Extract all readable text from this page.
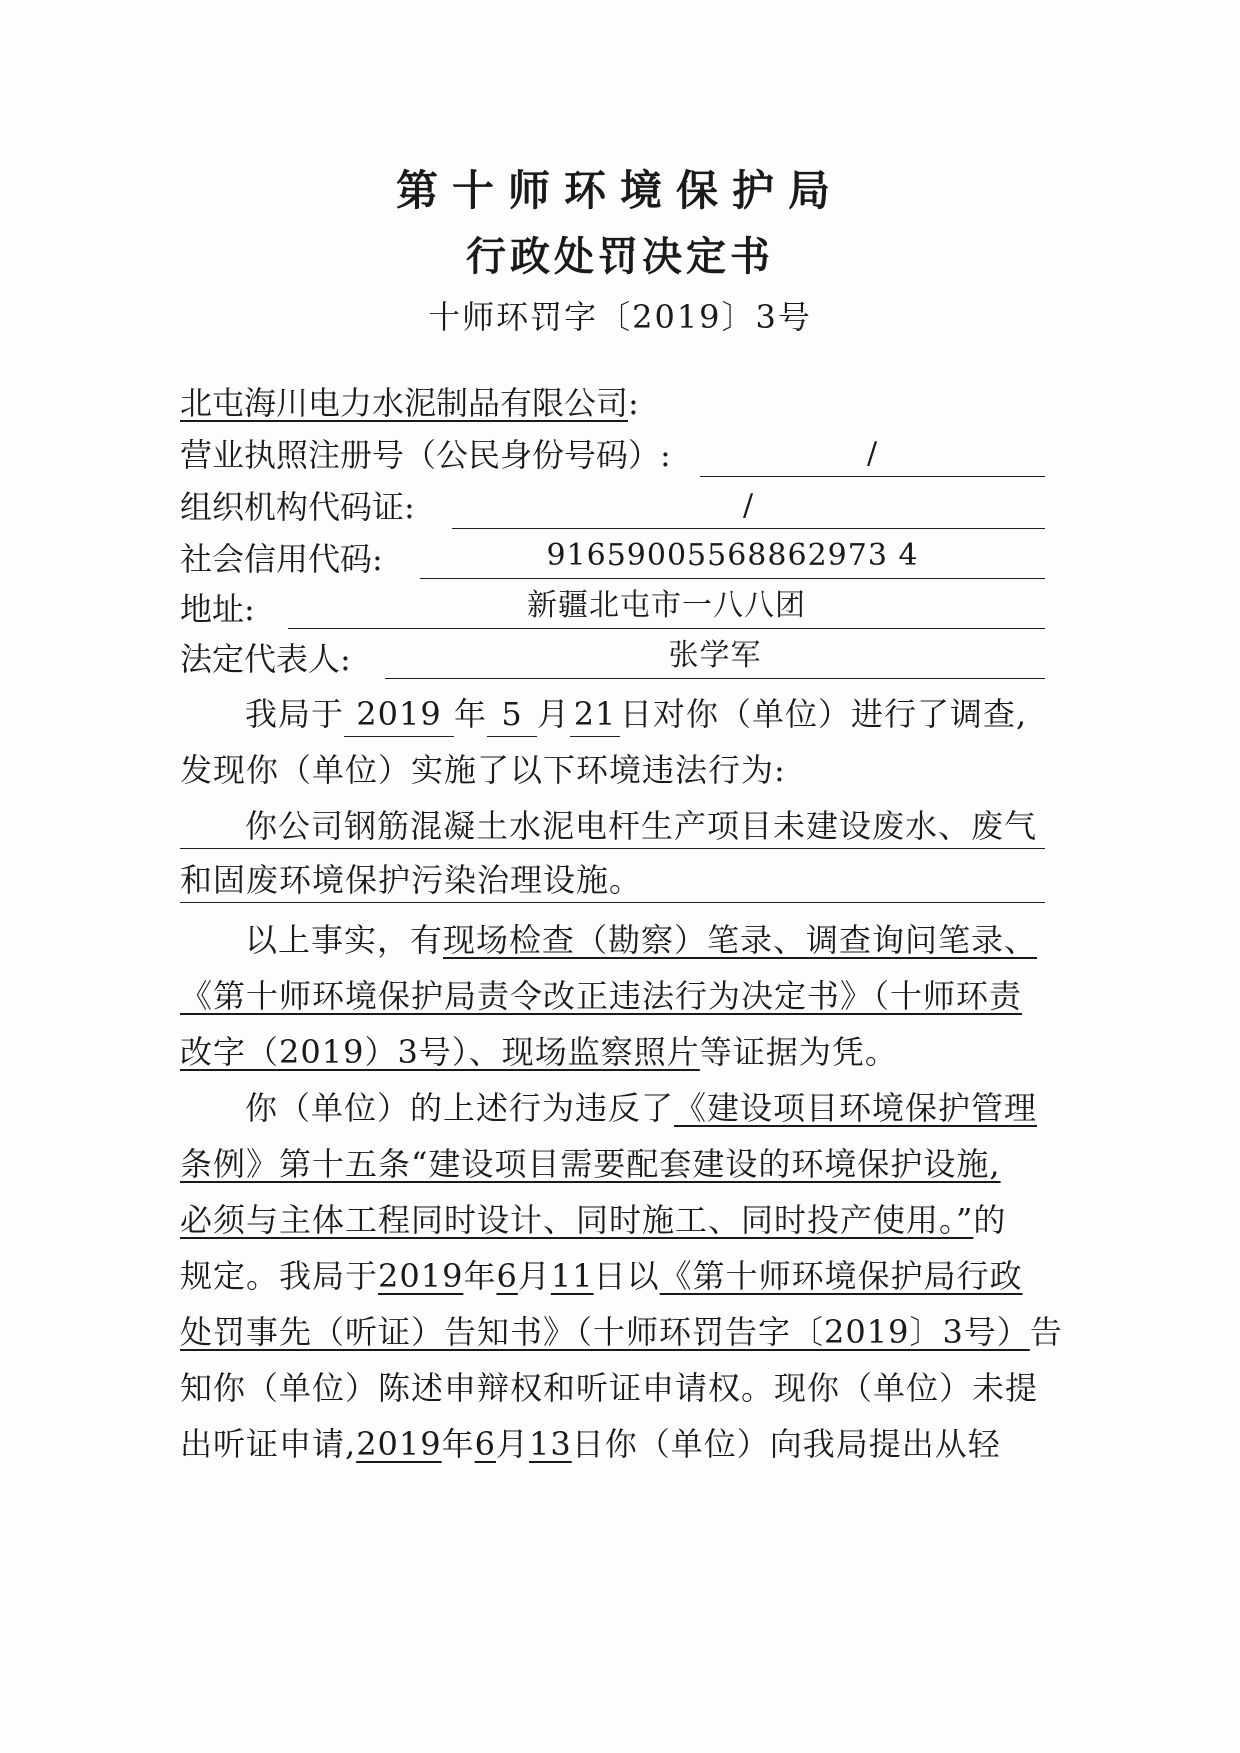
第十师环境保护局
行政处罚决定书
十师环罚字〔2019〕3号
北屯海川电力水泥制品有限公司:
营业执照注册号（公民身份号码）:	/
组织机构代码证:	/
社会信用代码:	91659005568862973 4
地址:	新疆北屯市一八八团
法定代表人:	张学军
我局于 2019 年 5 月 21 日对你（单位）进行了调查,
发现你（单位）实施了以下环境违法行为:
你公司钢筋混凝土水泥电杆生产项目未建设废水、废气
和固废环境保护污染治理设施。
以上事实，有现场检查（勘察）笔录、调查询问笔录、
《第十师环境保护局责令改正违法行为决定书》（十师环责
改字（2019）3号）、现场监察照片等证据为凭。
你（单位）的上述行为违反了《建设项目环境保护管理
条例》第十五条“建设项目需要配套建设的环境保护设施,
必须与主体工程同时设计、同时施工、同时投产使用。”的
规定。我局于2019年6月11日以《第十师环境保护局行政
处罚事先（听证）告知书》（十师环罚告字〔2019〕3号）告
知你（单位）陈述申辩权和听证申请权。现你（单位）未提
出听证申请,2019年6月13日你（单位）向我局提出从轻
